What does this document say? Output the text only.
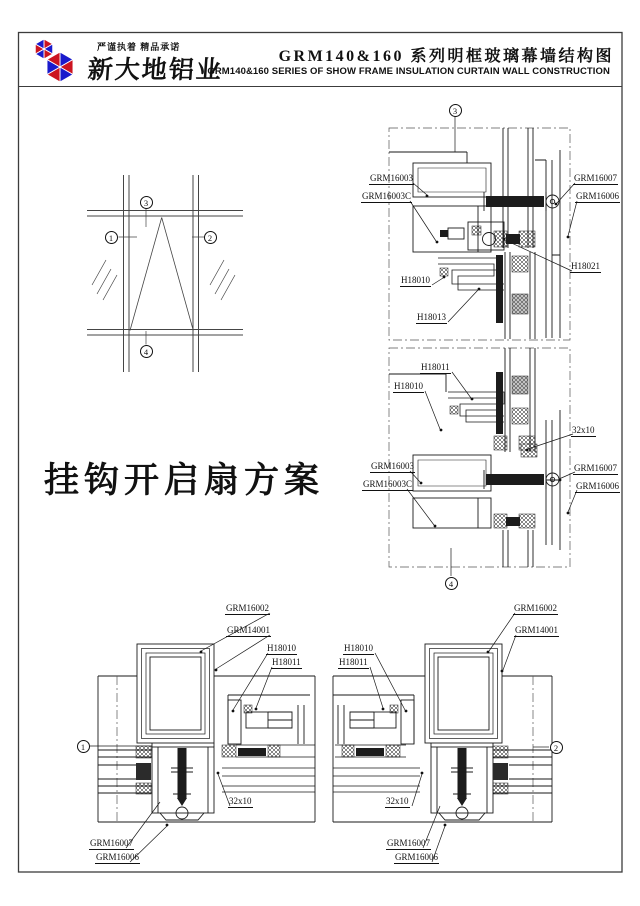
严谨执着 精品承诺
新大地铝业
GRM140&160 系列明框玻璃幕墙结构图
GRM140&160 SERIES OF SHOW FRAME INSULATION CURTAIN WALL CONSTRUCTION
挂钩开启扇方案
1	2
3
4
3
4
1	2
GRM16003
GRM16003C
GRM16007
GRM16006
H18010
H18013
H18021
H18011
H18010
32x10
GRM16003
GRM16003C
GRM16007
GRM16006
GRM16002
GRM14001
H18010
H18011
32x10
GRM16007
GRM16006
H18010
H18011
GRM16002
GRM14001
32x10
GRM16007
GRM16006
